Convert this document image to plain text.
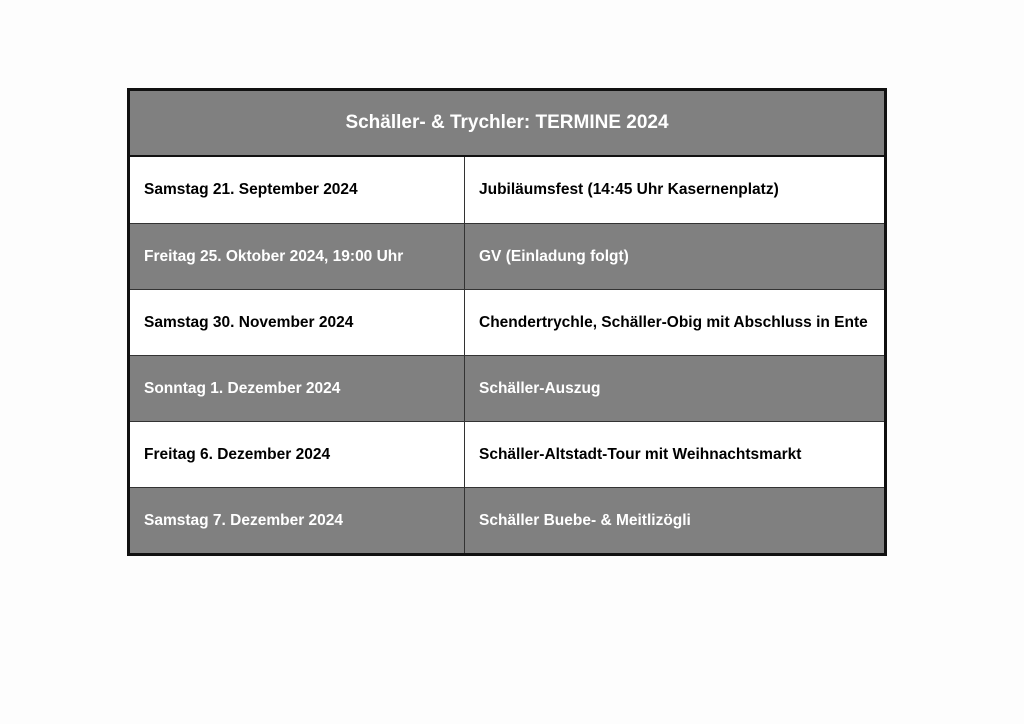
Schäller- & Trychler: TERMINE 2024
Samstag 21. September 2024	Jubiläumsfest (14:45 Uhr Kasernenplatz)
Freitag 25. Oktober 2024, 19:00 Uhr	GV (Einladung folgt)
Samstag 30. November 2024	Chendertrychle, Schäller-Obig mit Abschluss in Ente
Sonntag 1. Dezember 2024	Schäller-Auszug
Freitag 6. Dezember 2024	Schäller-Altstadt-Tour mit Weihnachtsmarkt
Samstag 7. Dezember 2024	Schäller Buebe- & Meitlizögli
